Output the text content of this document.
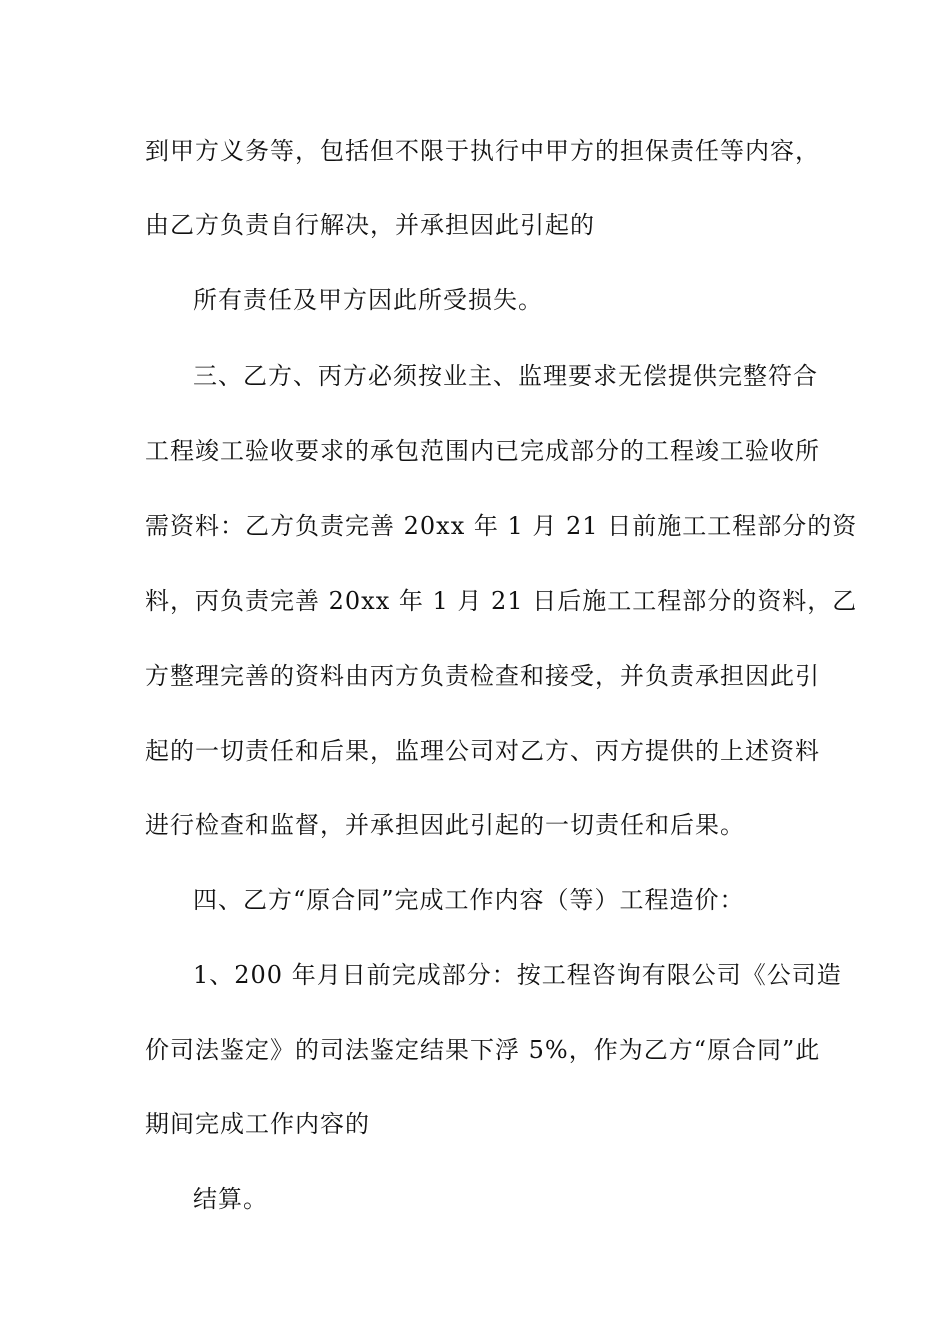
到甲方义务等，包括但不限于执行中甲方的担保责任等内容，
由乙方负责自行解决，并承担因此引起的
所有责任及甲方因此所受损失。
三、乙方、丙方必须按业主、监理要求无偿提供完整符合
工程竣工验收要求的承包范围内已完成部分的工程竣工验收所
需资料：乙方负责完善 20xx 年 1 月 21 日前施工工程部分的资
料，丙负责完善 20xx 年 1 月 21 日后施工工程部分的资料，乙
方整理完善的资料由丙方负责检查和接受，并负责承担因此引
起的一切责任和后果，监理公司对乙方、丙方提供的上述资料
进行检查和监督，并承担因此引起的一切责任和后果。
四、乙方“原合同”完成工作内容（等）工程造价：
1、200 年月日前完成部分：按工程咨询有限公司《公司造
价司法鉴定》的司法鉴定结果下浮 5%，作为乙方“原合同”此
期间完成工作内容的
结算。
